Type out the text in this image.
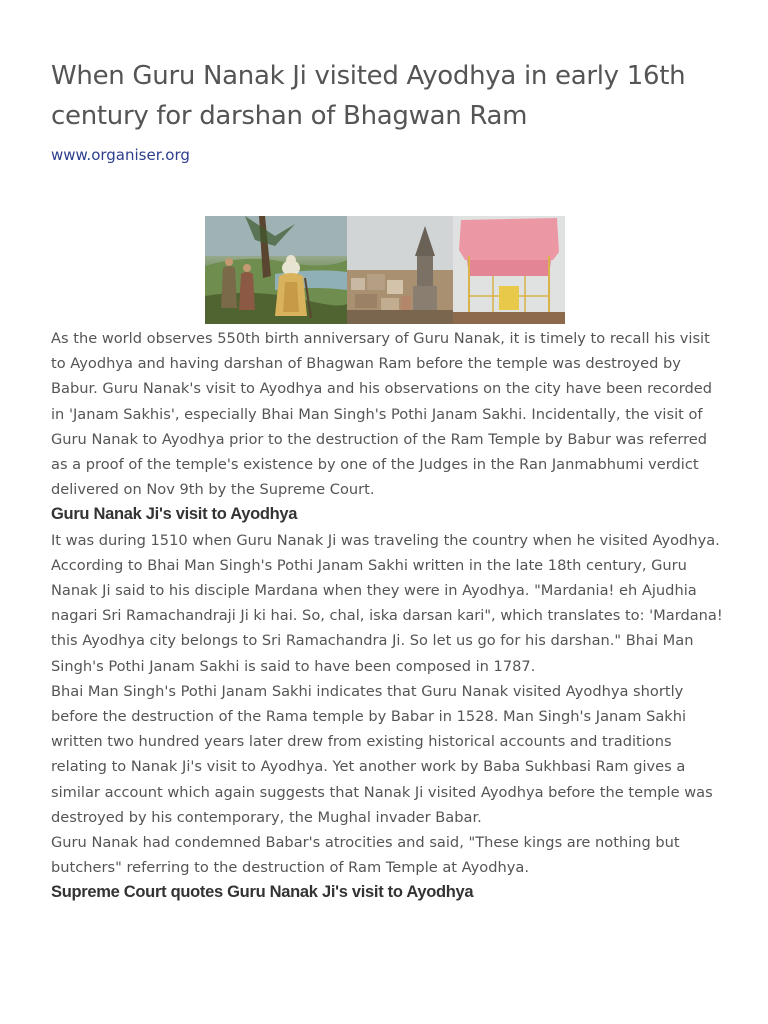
When Guru Nanak Ji visited Ayodhya in early 16th century for darshan of Bhagwan Ram
www.organiser.org

As the world observes 550th birth anniversary of Guru Nanak, it is timely to recall his visit to Ayodhya and having darshan of Bhagwan Ram before the temple was destroyed by Babur. Guru Nanak's visit to Ayodhya and his observations on the city have been recorded in 'Janam Sakhis', especially Bhai Man Singh's Pothi Janam Sakhi. Incidentally, the visit of Guru Nanak to Ayodhya prior to the destruction of the Ram Temple by Babur was referred as a proof of the temple's existence by one of the Judges in the Ran Janmabhumi verdict delivered on Nov 9th by the Supreme Court.

Guru Nanak Ji's visit to Ayodhya

It was during 1510 when Guru Nanak Ji was traveling the country when he visited Ayodhya. According to Bhai Man Singh's Pothi Janam Sakhi written in the late 18th century, Guru Nanak Ji said to his disciple Mardana when they were in Ayodhya. "Mardania! eh Ajudhia nagari Sri Ramachandraji Ji ki hai. So, chal, iska darsan kari", which translates to: 'Mardana! this Ayodhya city belongs to Sri Ramachandra Ji. So let us go for his darshan." Bhai Man Singh's Pothi Janam Sakhi is said to have been composed in 1787.

Bhai Man Singh's Pothi Janam Sakhi indicates that Guru Nanak visited Ayodhya shortly before the destruction of the Rama temple by Babar in 1528. Man Singh's Janam Sakhi written two hundred years later drew from existing historical accounts and traditions relating to Nanak Ji's visit to Ayodhya. Yet another work by Baba Sukhbasi Ram gives a similar account which again suggests that Nanak Ji visited Ayodhya before the temple was destroyed by his contemporary, the Mughal invader Babar.

Guru Nanak had condemned Babar's atrocities and said, "These kings are nothing but butchers" referring to the destruction of Ram Temple at Ayodhya.

Supreme Court quotes Guru Nanak Ji's visit to Ayodhya
